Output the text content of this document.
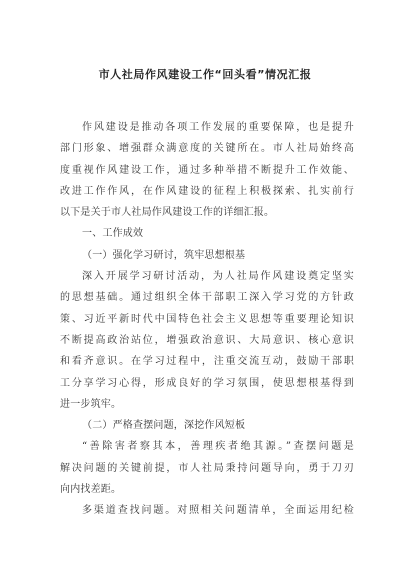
市人社局作风建设工作“回头看”情况汇报
作风建设是推动各项工作发展的重要保障，也是提升
部门形象、增强群众满意度的关键所在。市人社局始终高
度重视作风建设工作，通过多种举措不断提升工作效能、
改进工作作风，在作风建设的征程上积极探索、扎实前行
以下是关于市人社局作风建设工作的详细汇报。
一、工作成效
（一）强化学习研讨，筑牢思想根基
深入开展学习研讨活动，为人社局作风建设奠定坚实
的思想基础。通过组织全体干部职工深入学习党的方针政
策、习近平新时代中国特色社会主义思想等重要理论知识
不断提高政治站位，增强政治意识、大局意识、核心意识
和看齐意识。在学习过程中，注重交流互动，鼓励干部职
工分享学习心得，形成良好的学习氛围，使思想根基得到
进一步筑牢。
（二）严格查摆问题，深挖作风短板
“善除害者察其本，善理疾者绝其源。”查摆问题是
解决问题的关键前提，市人社局秉持问题导向，勇于刀刃
向内找差距。
多渠道查找问题。对照相关问题清单，全面运用纪检
